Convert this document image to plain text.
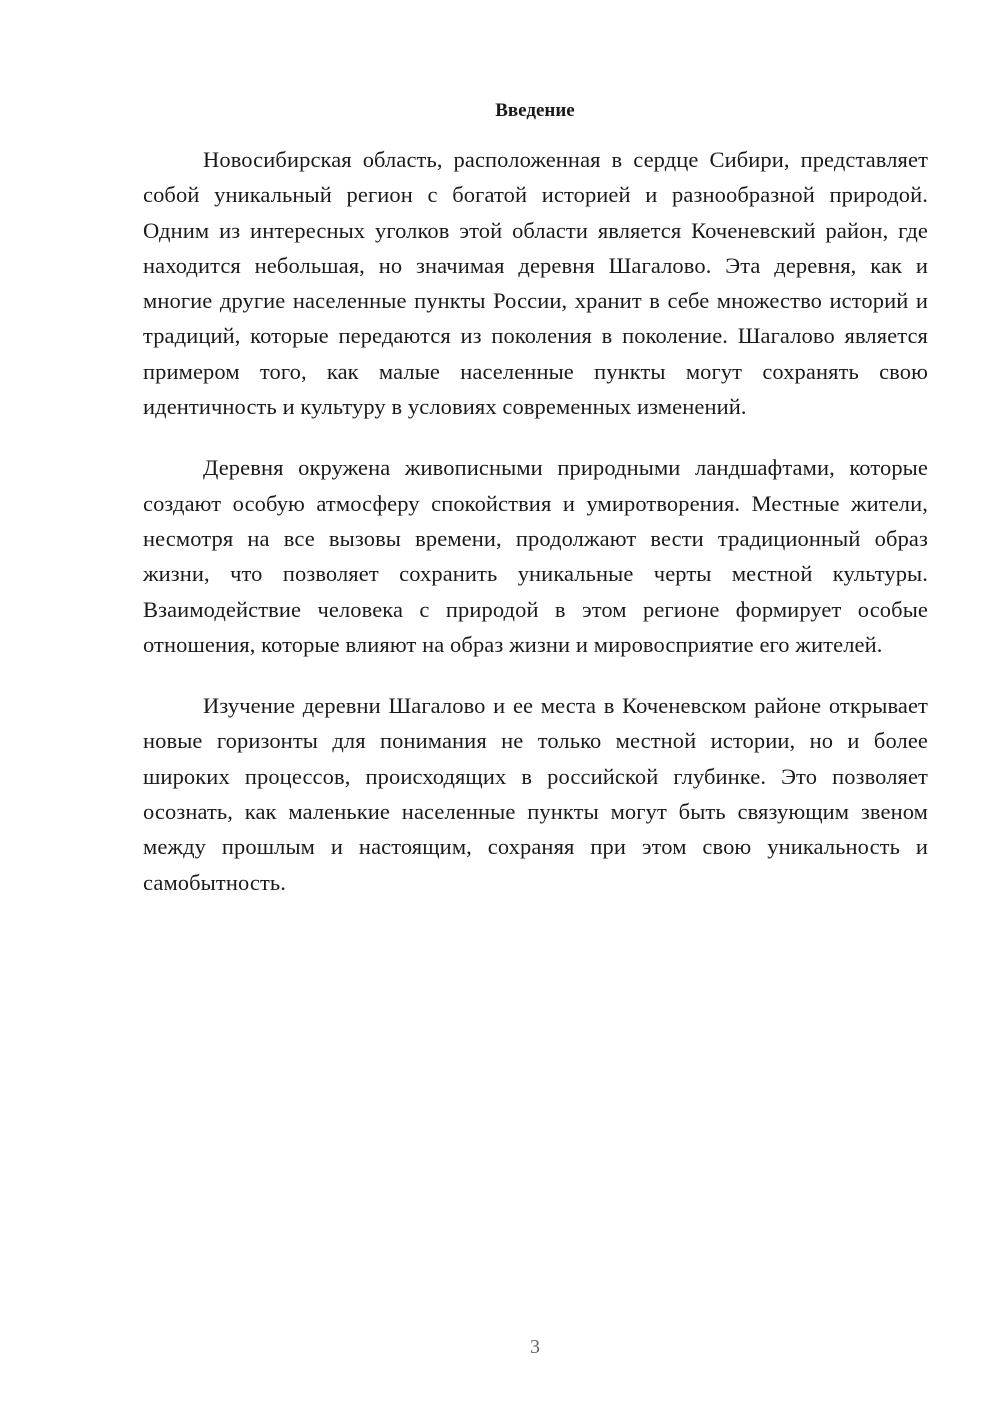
Введение

Новосибирская область, расположенная в сердце Сибири, представляет собой уникальный регион с богатой историей и разнообразной природой. Одним из интересных уголков этой области является Коченевский район, где находится небольшая, но значимая деревня Шагалово. Эта деревня, как и многие другие населенные пункты России, хранит в себе множество историй и традиций, которые передаются из поколения в поколение. Шагалово является примером того, как малые населенные пункты могут сохранять свою идентичность и культуру в условиях современных изменений.

Деревня окружена живописными природными ландшафтами, которые создают особую атмосферу спокойствия и умиротворения. Местные жители, несмотря на все вызовы времени, продолжают вести традиционный образ жизни, что позволяет сохранить уникальные черты местной культуры. Взаимодействие человека с природой в этом регионе формирует особые отношения, которые влияют на образ жизни и мировосприятие его жителей.

Изучение деревни Шагалово и ее места в Коченевском районе открывает новые горизонты для понимания не только местной истории, но и более широких процессов, происходящих в российской глубинке. Это позволяет осознать, как маленькие населенные пункты могут быть связующим звеном между прошлым и настоящим, сохраняя при этом свою уникальность и самобытность.

3
